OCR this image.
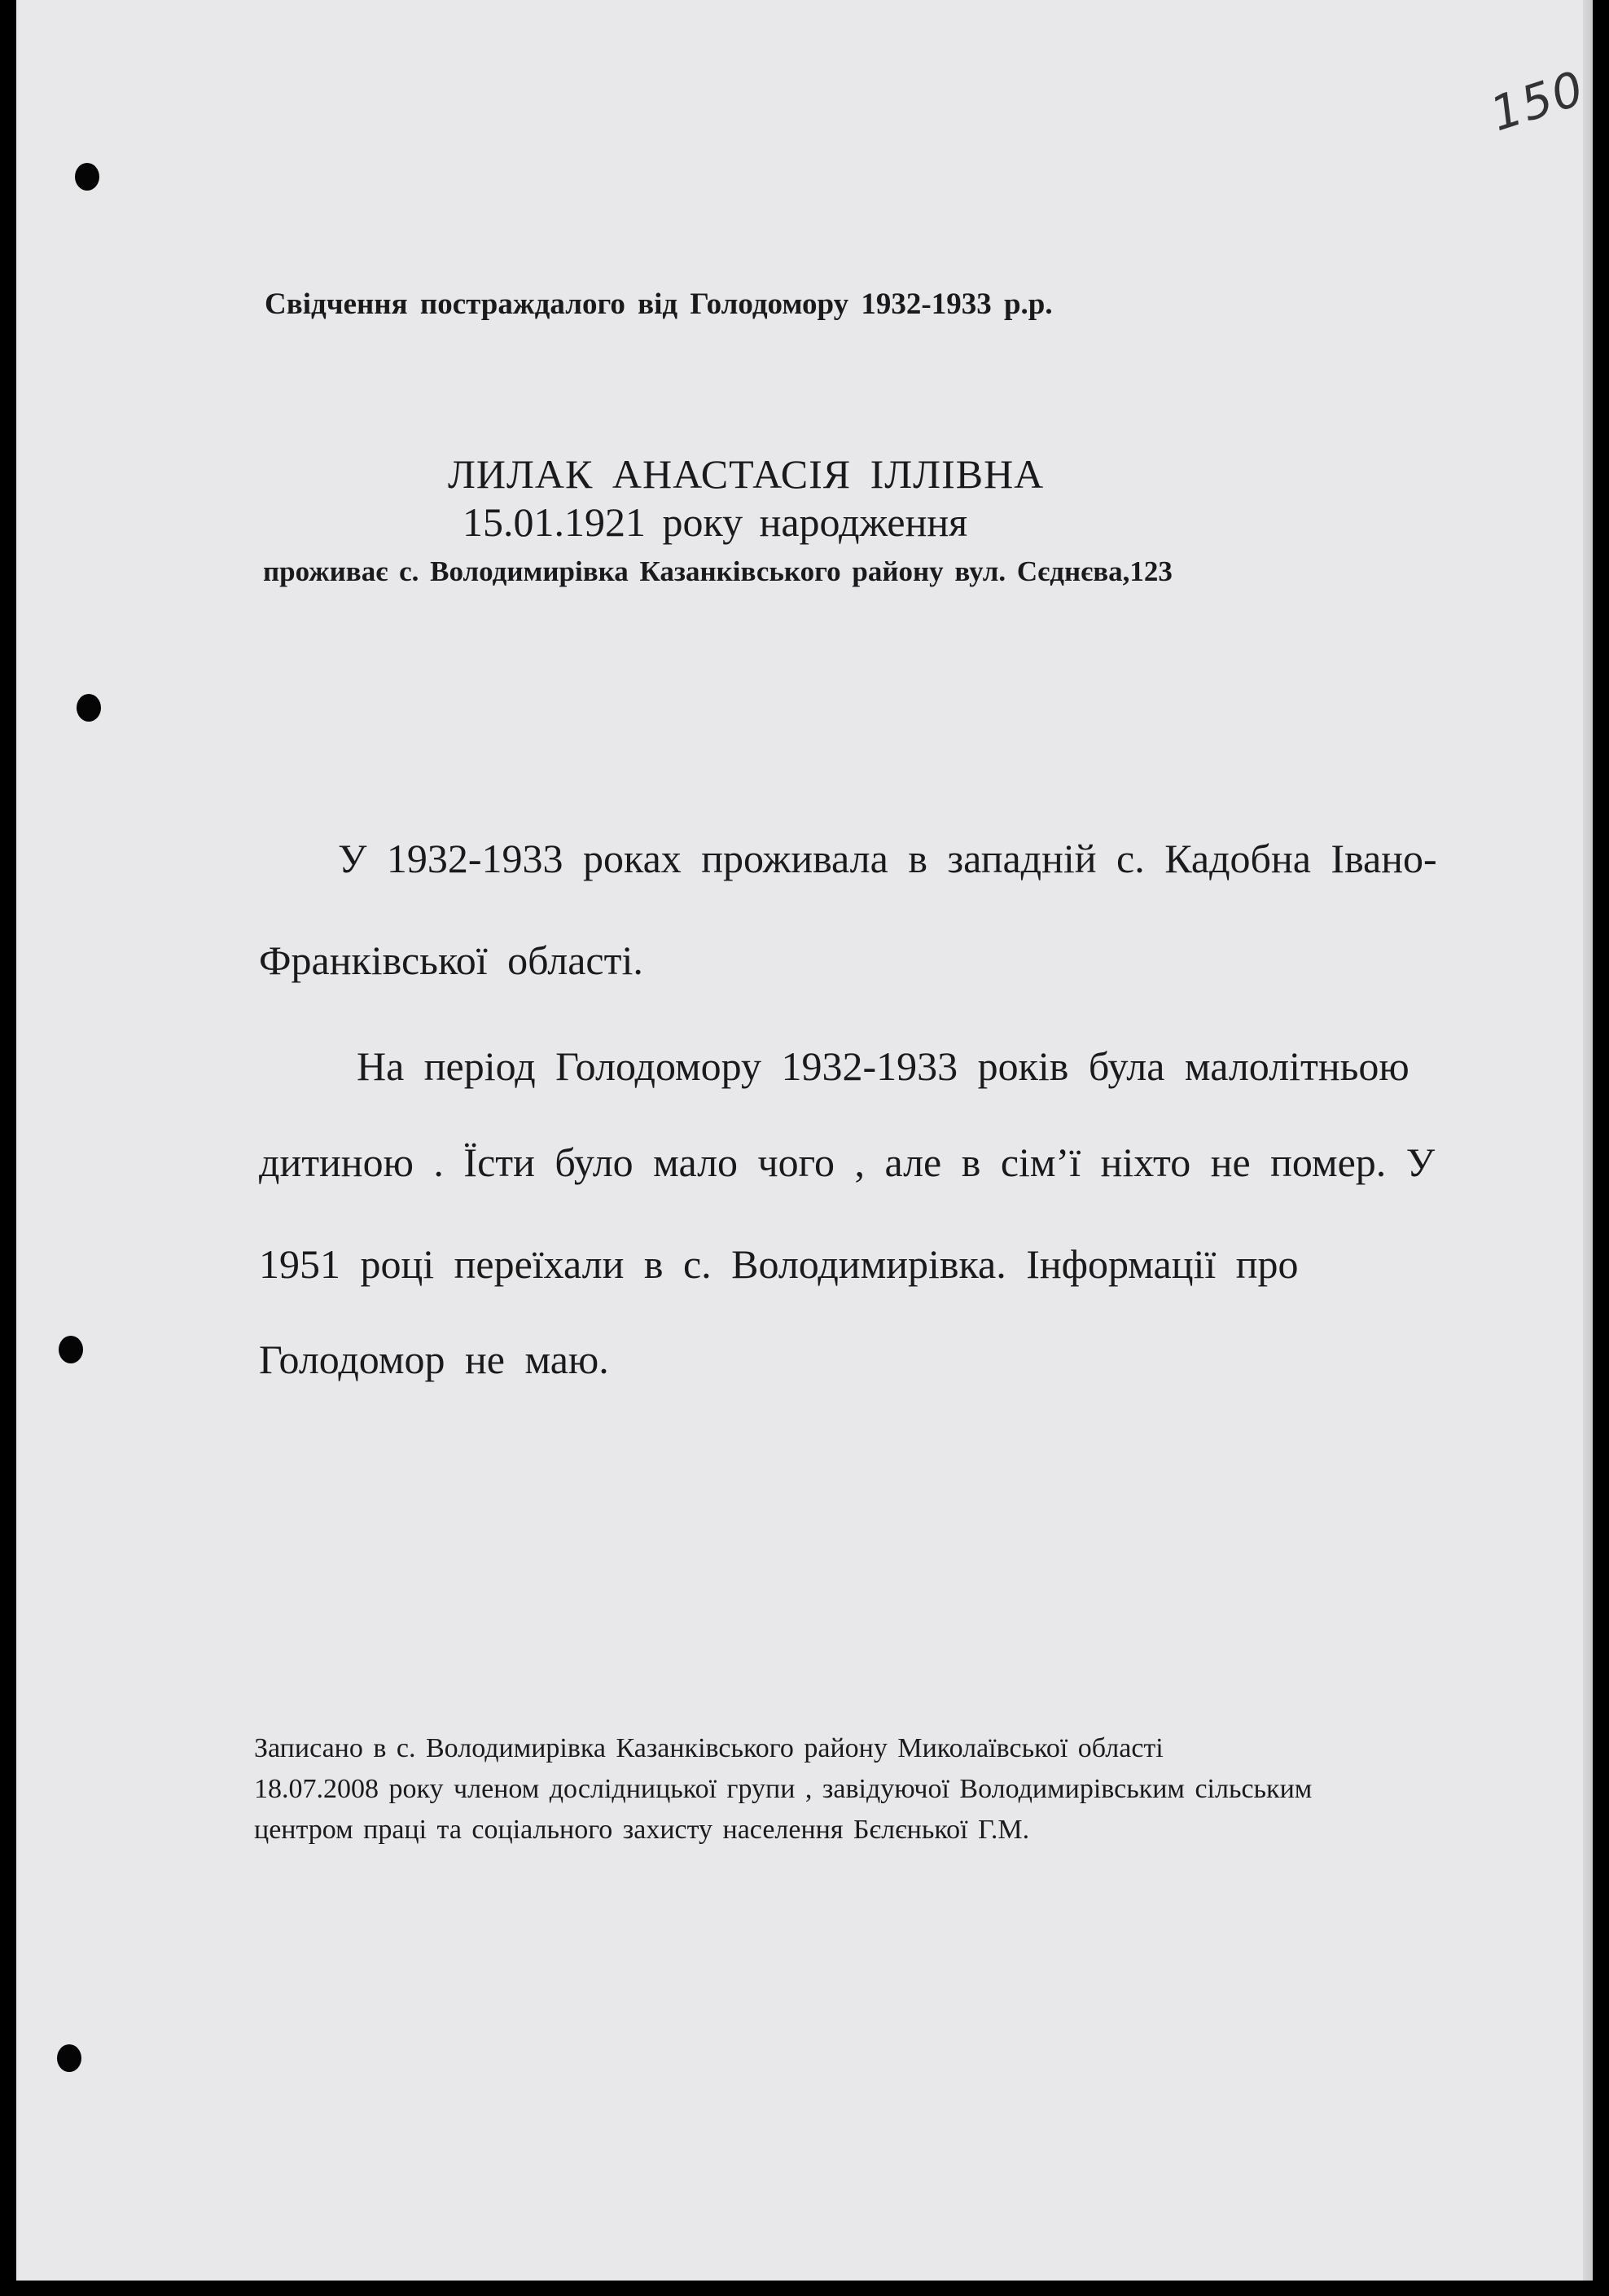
150
Свідчення постраждалого від Голодомору 1932-1933 р.р.
ЛИЛАК АНАСТАСІЯ ІЛЛІВНА
15.01.1921 року народження
проживає с. Володимирівка Казанківського району вул. Сєднєва,123
У 1932-1933 роках проживала в западній с. Кадобна Івано-
Франківської області.
На період Голодомору 1932-1933 років була малолітньою
дитиною . Їсти було мало чого , але в сім’ї ніхто не помер. У
1951 році переїхали в с. Володимирівка. Інформації про
Голодомор не маю.
Записано в с. Володимирівка Казанківського району Миколаївської області
18.07.2008 року членом дослідницької групи , завідуючої Володимирівським сільським
центром праці та соціального захисту населення Бєлєнької Г.М.
